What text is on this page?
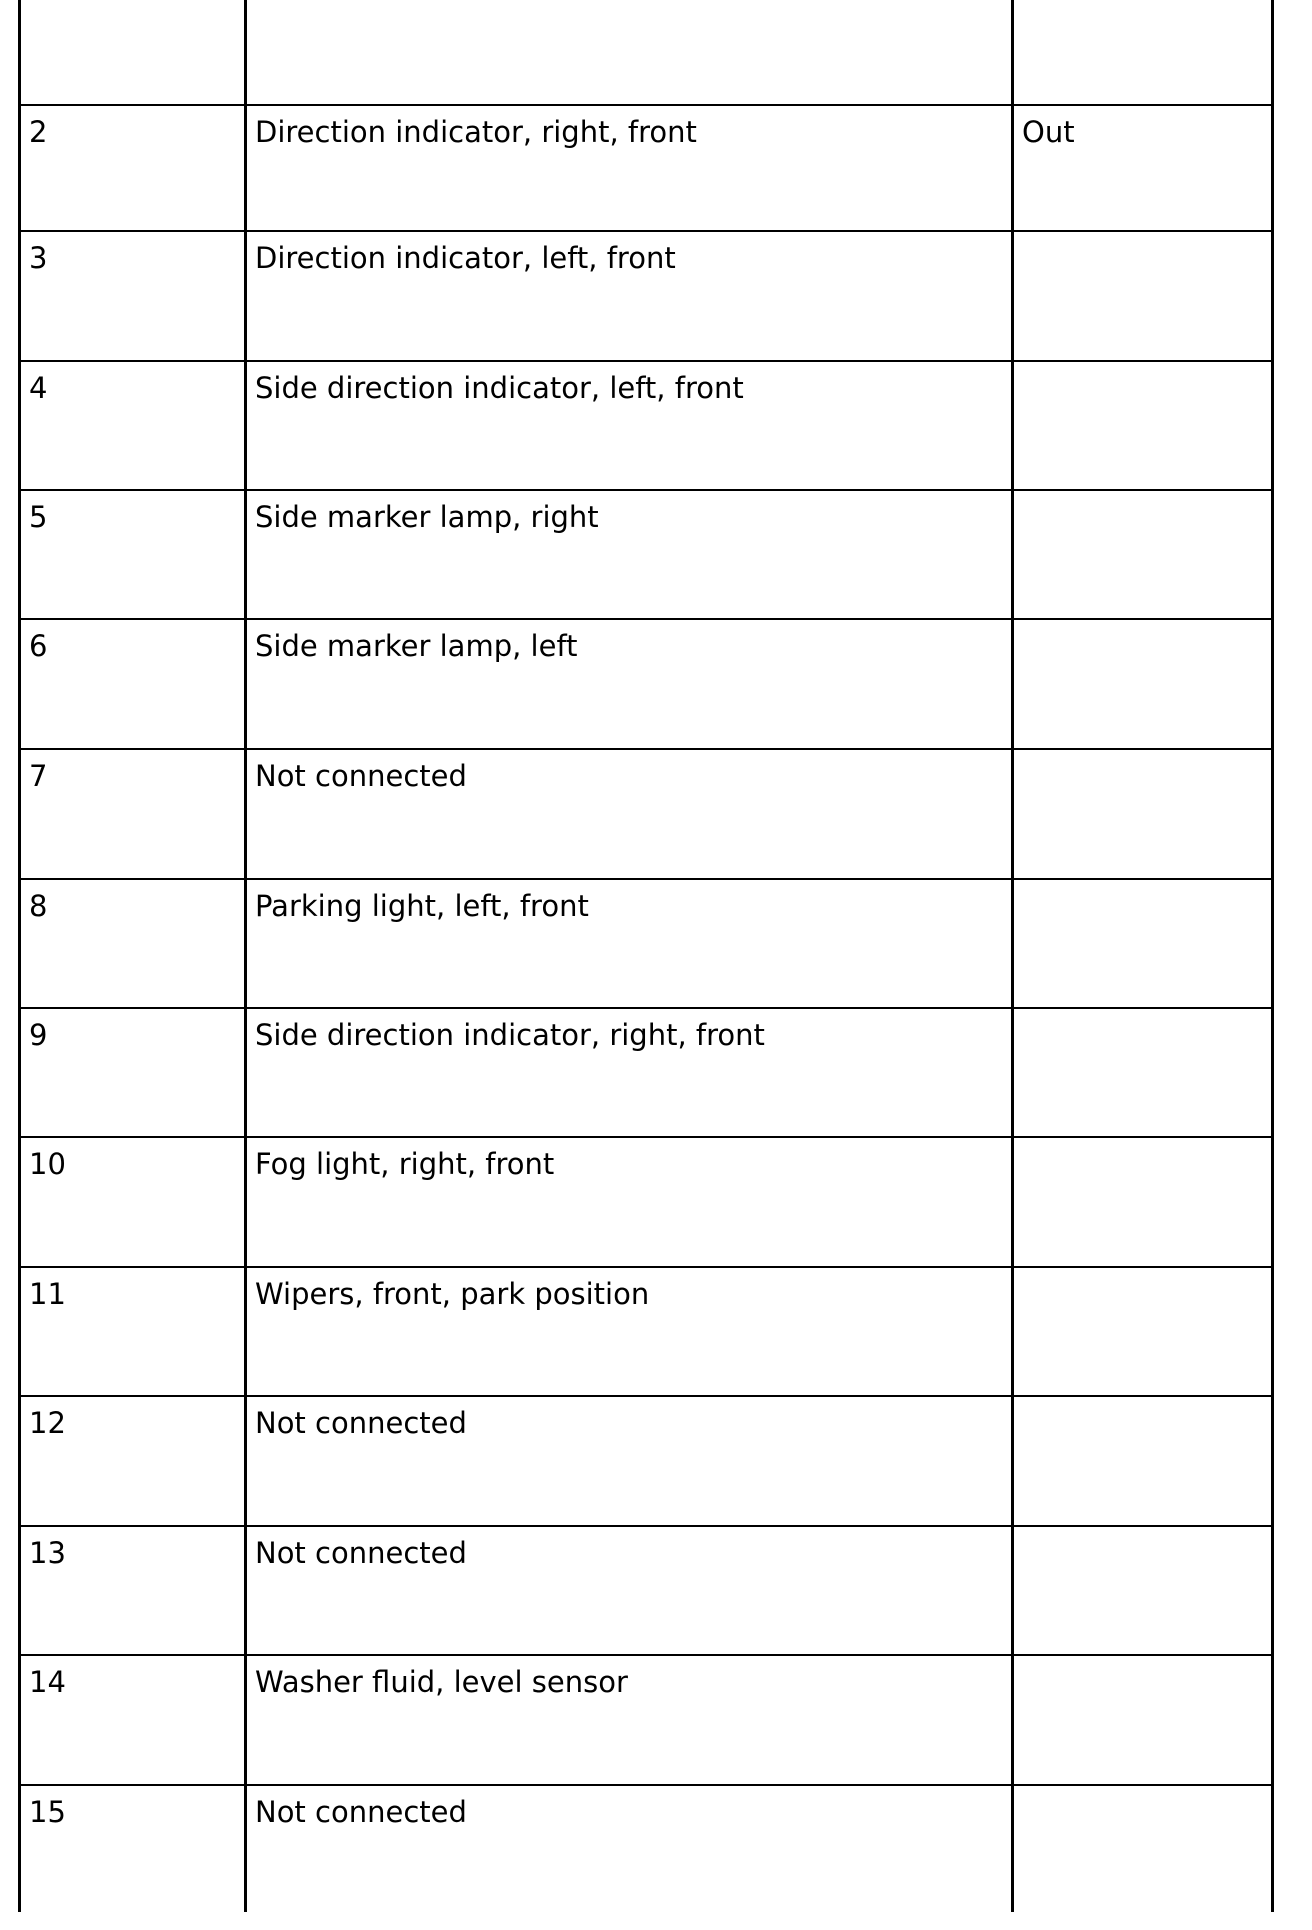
2	Direction indicator, right, front	Out
3	Direction indicator, left, front
4	Side direction indicator, left, front
5	Side marker lamp, right
6	Side marker lamp, left
7	Not connected
8	Parking light, left, front
9	Side direction indicator, right, front
10	Fog light, right, front
11	Wipers, front, park position
12	Not connected
13	Not connected
14	Washer fluid, level sensor
15	Not connected
